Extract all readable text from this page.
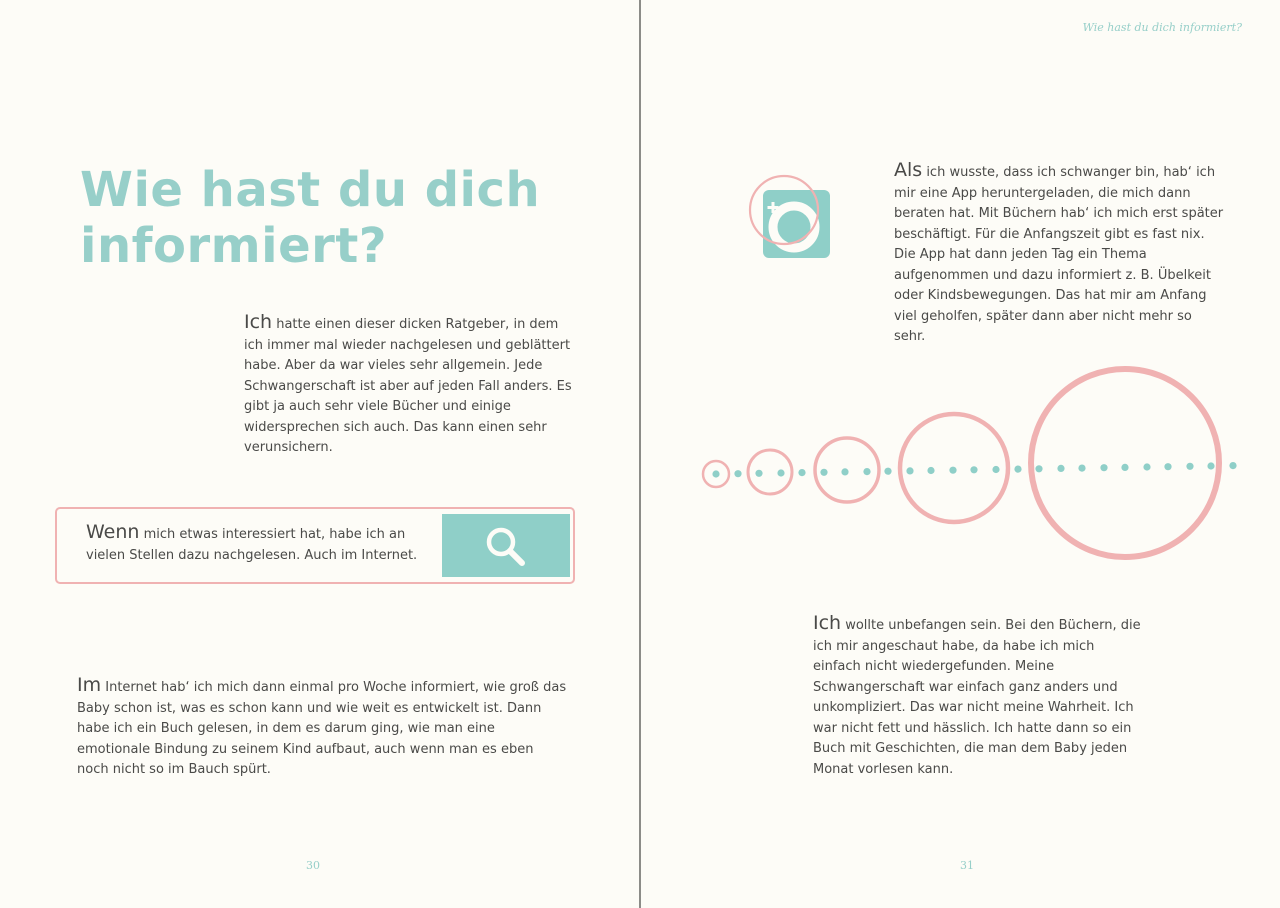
Wie hast du dich
informiert?

Ich hatte einen dieser dicken Ratgeber, in dem ich immer mal wieder nachgelesen und geblättert habe. Aber da war vieles sehr allgemein. Jede Schwangerschaft ist aber auf jeden Fall anders. Es gibt ja auch sehr viele Bücher und einige widersprechen sich auch. Das kann einen sehr verunsichern.

Wenn mich etwas interessiert hat, habe ich an vielen Stellen dazu nachgelesen. Auch im Internet.

Im Internet hab‘ ich mich dann einmal pro Woche informiert, wie groß das Baby schon ist, was es schon kann und wie weit es entwickelt ist. Dann habe ich ein Buch gelesen, in dem es darum ging, wie man eine emotionale Bindung zu seinem Kind aufbaut, auch wenn man es eben noch nicht so im Bauch spürt.

30
Wie hast du dich informiert?

Als ich wusste, dass ich schwanger bin, hab‘ ich mir eine App heruntergeladen, die mich dann beraten hat. Mit Büchern hab‘ ich mich erst später beschäftigt. Für die Anfangszeit gibt es fast nix. Die App hat dann jeden Tag ein Thema aufgenommen und dazu informiert z. B. Übelkeit oder Kindsbewegungen. Das hat mir am Anfang viel geholfen, später dann aber nicht mehr so sehr.

Ich wollte unbefangen sein. Bei den Büchern, die ich mir angeschaut habe, da habe ich mich einfach nicht wiedergefunden. Meine Schwangerschaft war einfach ganz anders und unkompliziert. Das war nicht meine Wahrheit. Ich war nicht fett und hässlich. Ich hatte dann so ein Buch mit Geschichten, die man dem Baby jeden Monat vorlesen kann.

31
